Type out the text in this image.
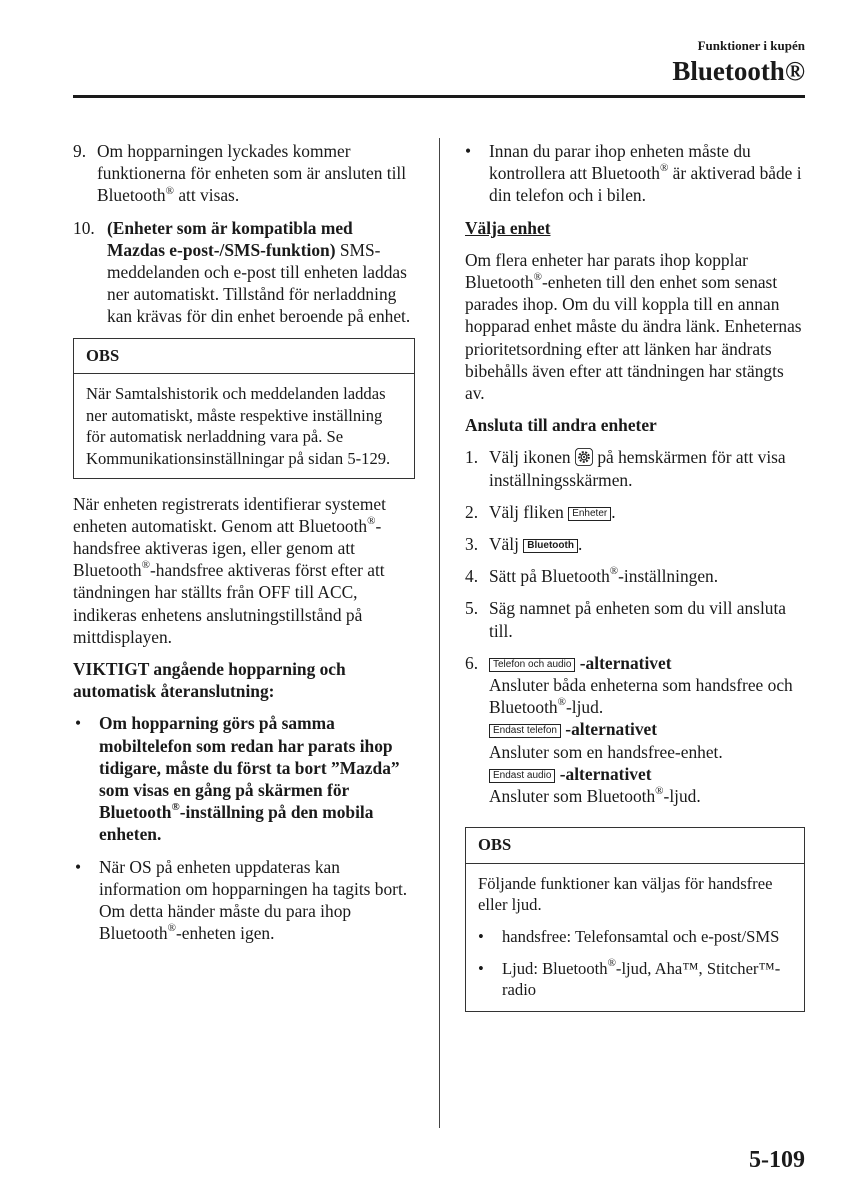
Funktioner i kupén
Bluetooth®
9. Om hopparningen lyckades kommer funktionerna för enheten som är ansluten till Bluetooth® att visas.
10. (Enheter som är kompatibla med Mazdas e-post-/SMS-funktion) SMS-meddelanden och e-post till enheten laddas ner automatiskt. Tillstånd för nerladdning kan krävas för din enhet beroende på enhet.
OBS
När Samtalshistorik och meddelanden laddas ner automatiskt, måste respektive inställning för automatisk nerladdning vara på. Se Kommunikationsinställningar på sidan 5-129.

När enheten registrerats identifierar systemet enheten automatiskt. Genom att Bluetooth®-handsfree aktiveras igen, eller genom att Bluetooth®-handsfree aktiveras först efter att tändningen har ställts från OFF till ACC, indikeras enhetens anslutningstillstånd på mittdisplayen.

VIKTIGT angående hopparning och automatisk återanslutning:

•	Om hopparning görs på samma mobiltelefon som redan har parats ihop tidigare, måste du först ta bort ”Mazda” som visas en gång på skärmen för Bluetooth®-inställning på den mobila enheten.
•	När OS på enheten uppdateras kan information om hopparningen ha tagits bort. Om detta händer måste du para ihop Bluetooth®-enheten igen.
•	Innan du parar ihop enheten måste du kontrollera att Bluetooth® är aktiverad både i din telefon och i bilen.

Välja enhet

Om flera enheter har parats ihop kopplar Bluetooth®-enheten till den enhet som senast parades ihop. Om du vill koppla till en annan hopparad enhet måste du ändra länk. Enheternas prioritetsordning efter att länken har ändrats bibehålls även efter att tändningen har stängts av.

Ansluta till andra enheter

1. Välj ikonen  på hemskärmen för att visa inställningsskärmen.
2. Välj fliken Enheter .
3. Välj Bluetooth .
4. Sätt på Bluetooth®-inställningen.
5. Säg namnet på enheten som du vill ansluta till.
6.	Telefon och audio -alternativet
Ansluter båda enheterna som handsfree och Bluetooth®-ljud.
Endast telefon -alternativet
Ansluter som en handsfree-enhet.
Endast audio -alternativet
Ansluter som Bluetooth®-ljud.
OBS

Följande funktioner kan väljas för handsfree eller ljud.

•	handsfree: Telefonsamtal och e-post/SMS
•	Ljud: Bluetooth®-ljud, Aha™, Stitcher™-radio
5-109
